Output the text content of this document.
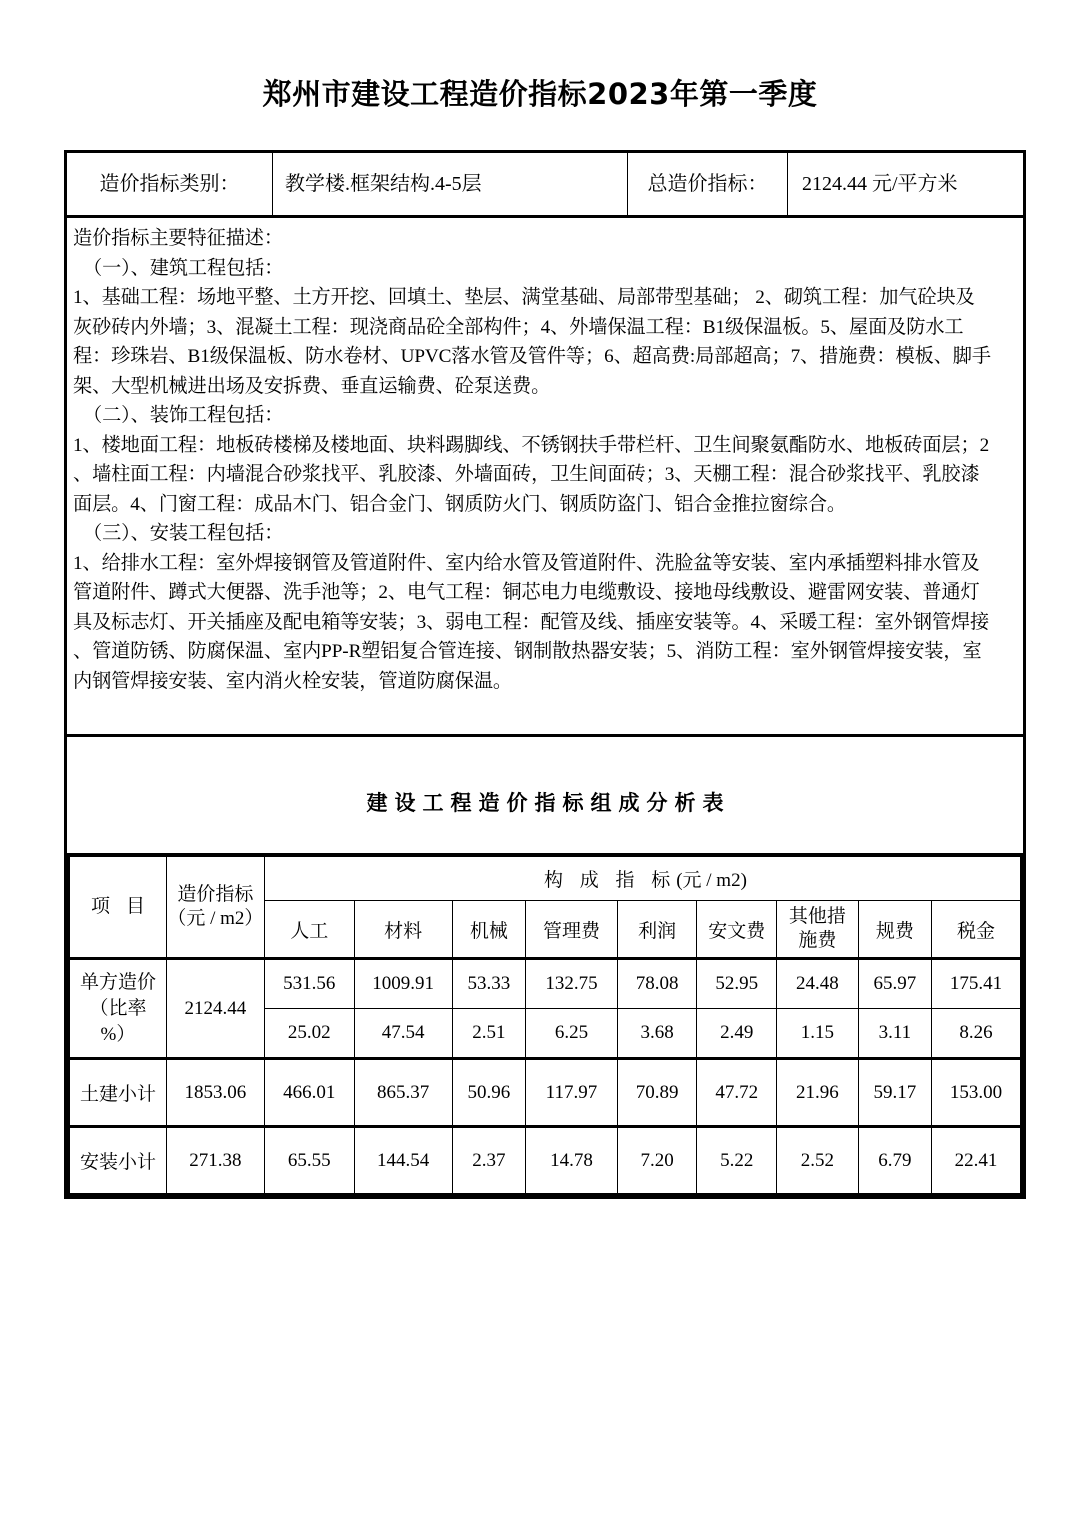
郑州市建设工程造价指标2023年第一季度
造价指标类别：	教学楼.框架结构.4-5层	总造价指标：	2124.44 元/平方米
造价指标主要特征描述：
（一）、建筑工程包括：
1、基础工程：场地平整、土方开挖、回填土、垫层、满堂基础、局部带型基础； 2、砌筑工程：加气砼块及
灰砂砖内外墙；3、混凝土工程：现浇商品砼全部构件；4、外墙保温工程：B1级保温板。5、屋面及防水工
程：珍珠岩、B1级保温板、防水卷材、UPVC落水管及管件等；6、超高费:局部超高；7、措施费：模板、脚手
架、大型机械进出场及安拆费、垂直运输费、砼泵送费。
（二）、装饰工程包括：
1、楼地面工程：地板砖楼梯及楼地面、块料踢脚线、不锈钢扶手带栏杆、卫生间聚氨酯防水、地板砖面层；2
、墙柱面工程：内墙混合砂浆找平、乳胶漆、外墙面砖，卫生间面砖；3、天棚工程：混合砂浆找平、乳胶漆
面层。4、门窗工程：成品木门、铝合金门、钢质防火门、钢质防盗门、铝合金推拉窗综合。
（三）、安装工程包括：
1、给排水工程：室外焊接钢管及管道附件、室内给水管及管道附件、洗脸盆等安装、室内承插塑料排水管及
管道附件、蹲式大便器、洗手池等；2、电气工程：铜芯电力电缆敷设、接地母线敷设、避雷网安装、普通灯
具及标志灯、开关插座及配电箱等安装；3、弱电工程：配管及线、插座安装等。4、采暖工程：室外钢管焊接
、管道防锈、防腐保温、室内PP-R塑铝复合管连接、钢制散热器安装；5、消防工程：室外钢管焊接安装，室
内钢管焊接安装、室内消火栓安装，管道防腐保温。
建设工程造价指标组成分析表
项目	造价指标
（元 / m2）	构 成 指 标(元 / m2)								
		人工	材料	机械	管理费	利润	安文费	其他措
施费	规费	税金

单方造价
（比率
%）	2124.44	531.56	1009.91	53.33	132.75	78.08	52.95	24.48	65.97	175.41
		25.02	47.54	2.51	6.25	3.68	2.49	1.15	3.11	8.26
土建小计	1853.06	466.01	865.37	50.96	117.97	70.89	47.72	21.96	59.17	153.00
安装小计	271.38	65.55	144.54	2.37	14.78	7.20	5.22	2.52	6.79	22.41
